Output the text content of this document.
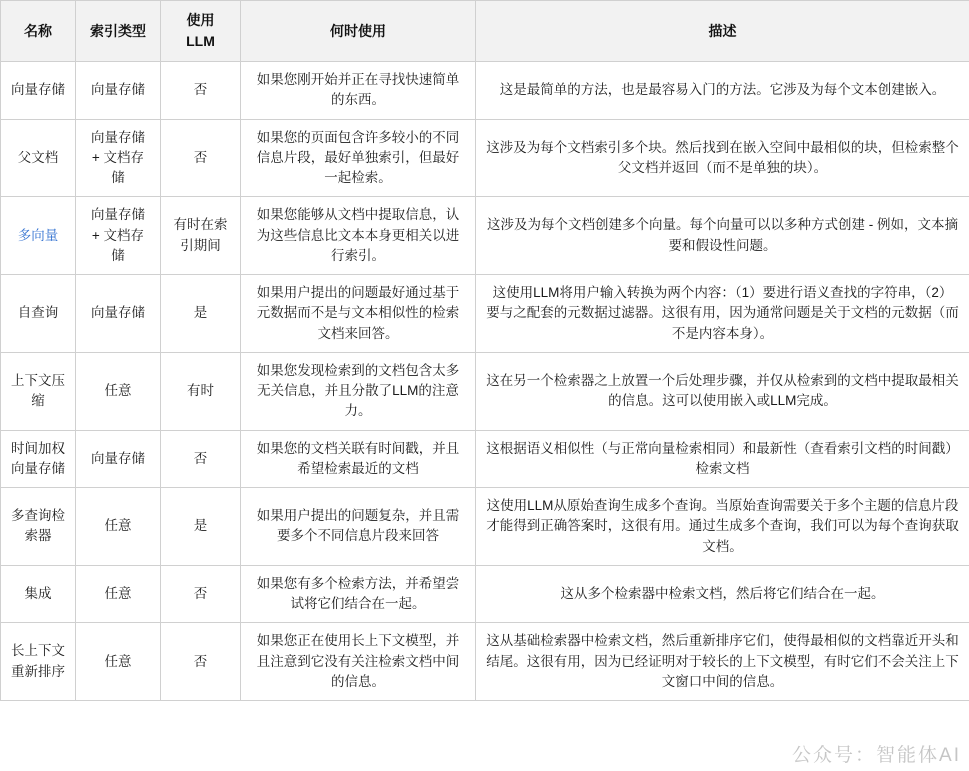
名称	索引类型	使用 LLM	何时使用	描述
向量存储	向量存储	否	如果您刚开始并正在寻找快速简单的东西。	这是最简单的方法，也是最容易入门的方法。它涉及为每个文本创建嵌入。
父文档	向量存储 + 文档存储	否	如果您的页面包含许多较小的不同信息片段，最好单独索引，但最好一起检索。	这涉及为每个文档索引多个块。然后找到在嵌入空间中最相似的块，但检索整个父文档并返回（而不是单独的块）。
多向量	向量存储 + 文档存储	有时在索引期间	如果您能够从文档中提取信息，认为这些信息比文本本身更相关以进行索引。	这涉及为每个文档创建多个向量。每个向量可以以多种方式创建 - 例如，文本摘要和假设性问题。
自查询	向量存储	是	如果用户提出的问题最好通过基于元数据而不是与文本相似性的检索文档来回答。	这使用LLM将用户输入转换为两个内容：（1）要进行语义查找的字符串，（2）要与之配套的元数据过滤器。这很有用，因为通常问题是关于文档的元数据（而不是内容本身）。
上下文压缩	任意	有时	如果您发现检索到的文档包含太多无关信息，并且分散了LLM的注意力。	这在另一个检索器之上放置一个后处理步骤，并仅从检索到的文档中提取最相关的信息。这可以使用嵌入或LLM完成。
时间加权向量存储	向量存储	否	如果您的文档关联有时间戳，并且希望检索最近的文档	这根据语义相似性（与正常向量检索相同）和最新性（查看索引文档的时间戳）检索文档
多查询检索器	任意	是	如果用户提出的问题复杂，并且需要多个不同信息片段来回答	这使用LLM从原始查询生成多个查询。当原始查询需要关于多个主题的信息片段才能得到正确答案时，这很有用。通过生成多个查询，我们可以为每个查询获取文档。
集成	任意	否	如果您有多个检索方法，并希望尝试将它们结合在一起。	这从多个检索器中检索文档，然后将它们结合在一起。
长上下文重新排序	任意	否	如果您正在使用长上下文模型，并且注意到它没有关注检索文档中间的信息。	这从基础检索器中检索文档，然后重新排序它们，使得最相似的文档靠近开头和结尾。这很有用，因为已经证明对于较长的上下文模型，有时它们不会关注上下文窗口中间的信息。
公众号：智能体AI
